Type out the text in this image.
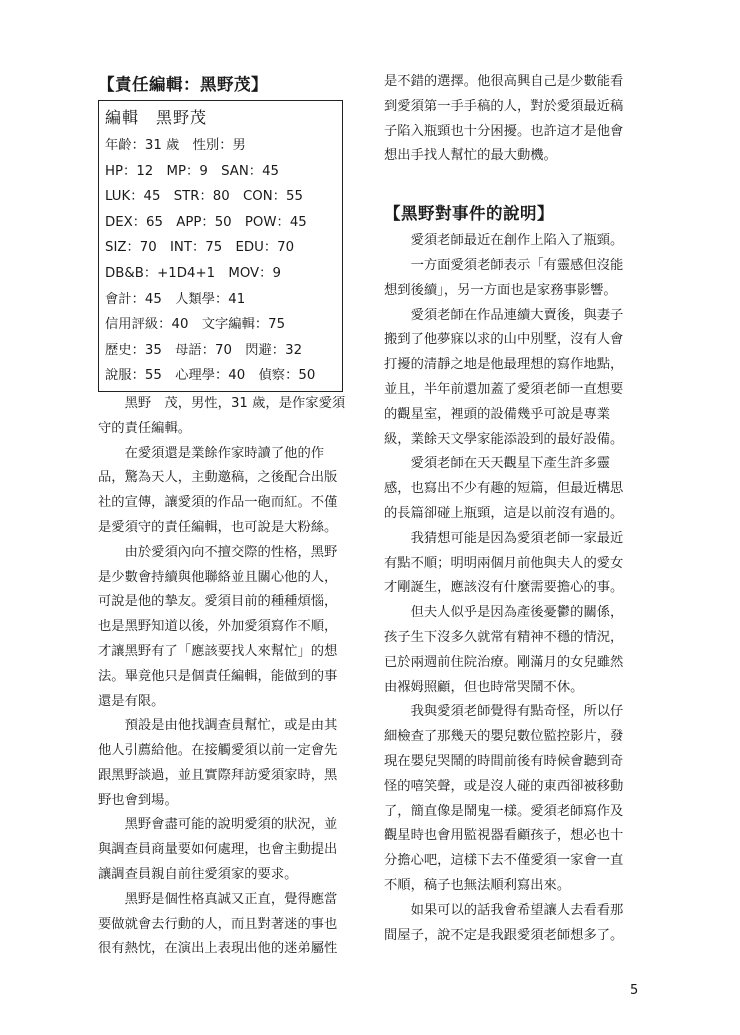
【責任編輯：黑野茂】
編輯　黑野茂
年齡：31 歲　性別：男
HP：12　MP：9　SAN：45
LUK：45　STR：80　CON：55
DEX：65　APP：50　POW：45
SIZ：70　INT：75　EDU：70
DB&B：+1D4+1　MOV：9
會計：45　人類學：41
信用評級：40　文字編輯：75
歷史：35　母語：70　閃避：32
說服：55　心理學：40　偵察：50

　　黑野　茂，男性，31 歲，是作家愛須
守的責任編輯。

　　在愛須還是業餘作家時讀了他的作
品，驚為天人，主動邀稿，之後配合出版
社的宣傳，讓愛須的作品一砲而紅。不僅
是愛須守的責任編輯，也可說是大粉絲。

　　由於愛須內向不擅交際的性格，黑野
是少數會持續與他聯絡並且關心他的人，
可說是他的摯友。愛須目前的種種煩惱，
也是黑野知道以後，外加愛須寫作不順，
才讓黑野有了「應該要找人來幫忙」的想
法。畢竟他只是個責任編輯，能做到的事
還是有限。

　　預設是由他找調查員幫忙，或是由其
他人引薦給他。在接觸愛須以前一定會先
跟黑野談過，並且實際拜訪愛須家時，黑
野也會到場。

　　黑野會盡可能的說明愛須的狀況，並
與調查員商量要如何處理，也會主動提出
讓調查員親自前往愛須家的要求。

　　黑野是個性格真誠又正直，覺得應當
要做就會去行動的人，而且對著迷的事也
很有熱忱，在演出上表現出他的迷弟屬性

是不錯的選擇。他很高興自己是少數能看
到愛須第一手手稿的人，對於愛須最近稿
子陷入瓶頸也十分困擾。也許這才是他會
想出手找人幫忙的最大動機。

【黑野對事件的說明】

　　愛須老師最近在創作上陷入了瓶頸。

　　一方面愛須老師表示「有靈感但沒能
想到後續」，另一方面也是家務事影響。

　　愛須老師在作品連續大賣後，與妻子
搬到了他夢寐以求的山中別墅，沒有人會
打擾的清靜之地是他最理想的寫作地點，
並且，半年前還加蓋了愛須老師一直想要
的觀星室，裡頭的設備幾乎可說是專業
級，業餘天文學家能添設到的最好設備。

　　愛須老師在天天觀星下產生許多靈
感，也寫出不少有趣的短篇，但最近構思
的長篇卻碰上瓶頸，這是以前沒有過的。

　　我猜想可能是因為愛須老師一家最近
有點不順；明明兩個月前他與夫人的愛女
才剛誕生，應該沒有什麼需要擔心的事。

　　但夫人似乎是因為產後憂鬱的關係，
孩子生下沒多久就常有精神不穩的情況，
已於兩週前住院治療。剛滿月的女兒雖然
由褓姆照顧，但也時常哭鬧不休。

　　我與愛須老師覺得有點奇怪，所以仔
細檢查了那幾天的嬰兒數位監控影片，發
現在嬰兒哭鬧的時間前後有時候會聽到奇
怪的嘻笑聲，或是沒人碰的東西卻被移動
了，簡直像是鬧鬼一樣。愛須老師寫作及
觀星時也會用監視器看顧孩子，想必也十
分擔心吧，這樣下去不僅愛須一家會一直
不順，稿子也無法順利寫出來。

　　如果可以的話我會希望讓人去看看那
間屋子，說不定是我跟愛須老師想多了。

5
